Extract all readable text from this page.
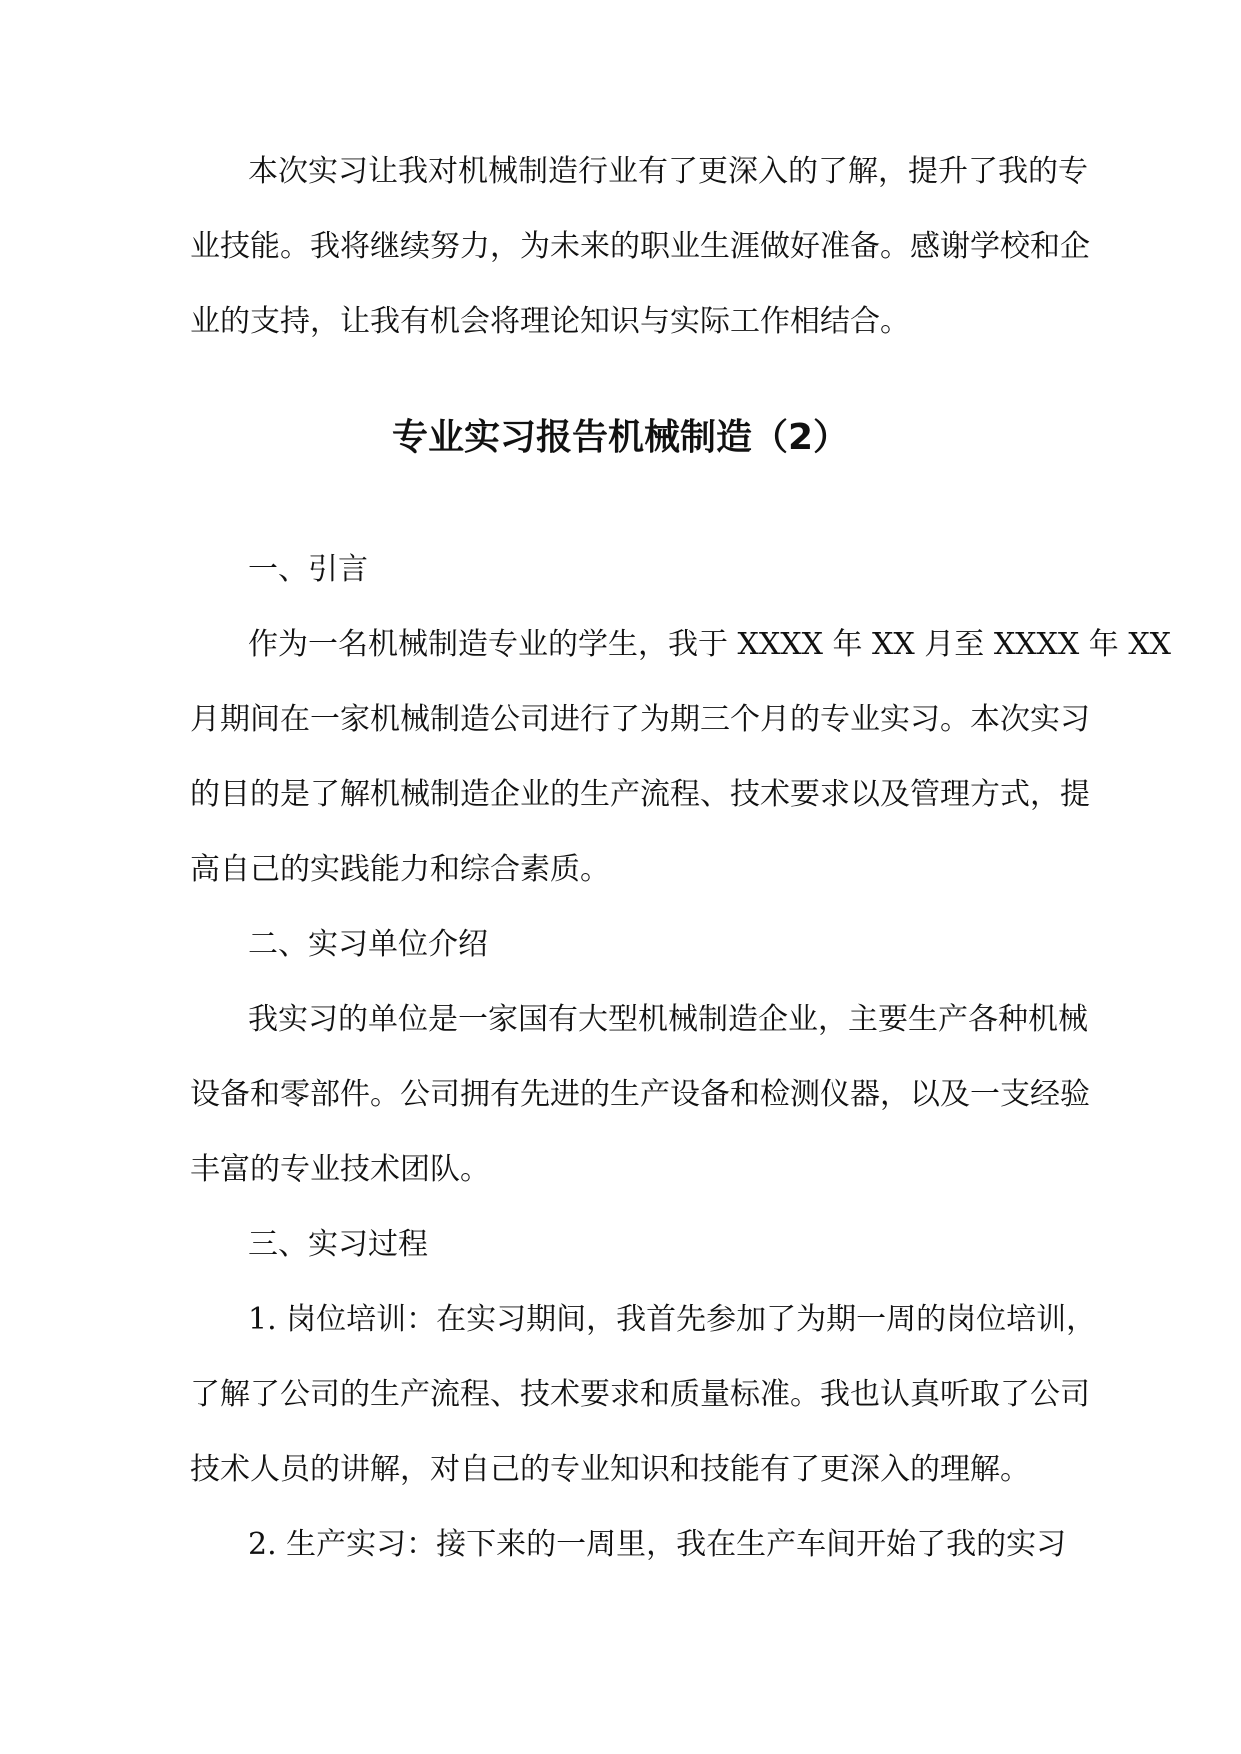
本次实习让我对机械制造行业有了更深入的了解，提升了我的专
业技能。我将继续努力，为未来的职业生涯做好准备。感谢学校和企
业的支持，让我有机会将理论知识与实际工作相结合。
专业实习报告机械制造（2）
一、引言
作为一名机械制造专业的学生，我于 XXXX 年 XX 月至 XXXX 年 XX
月期间在一家机械制造公司进行了为期三个月的专业实习。本次实习
的目的是了解机械制造企业的生产流程、技术要求以及管理方式，提
高自己的实践能力和综合素质。
二、实习单位介绍
我实习的单位是一家国有大型机械制造企业，主要生产各种机械
设备和零部件。公司拥有先进的生产设备和检测仪器，以及一支经验
丰富的专业技术团队。
三、实习过程
1. 岗位培训：在实习期间，我首先参加了为期一周的岗位培训，
了解了公司的生产流程、技术要求和质量标准。我也认真听取了公司
技术人员的讲解，对自己的专业知识和技能有了更深入的理解。
2. 生产实习：接下来的一周里，我在生产车间开始了我的实习
